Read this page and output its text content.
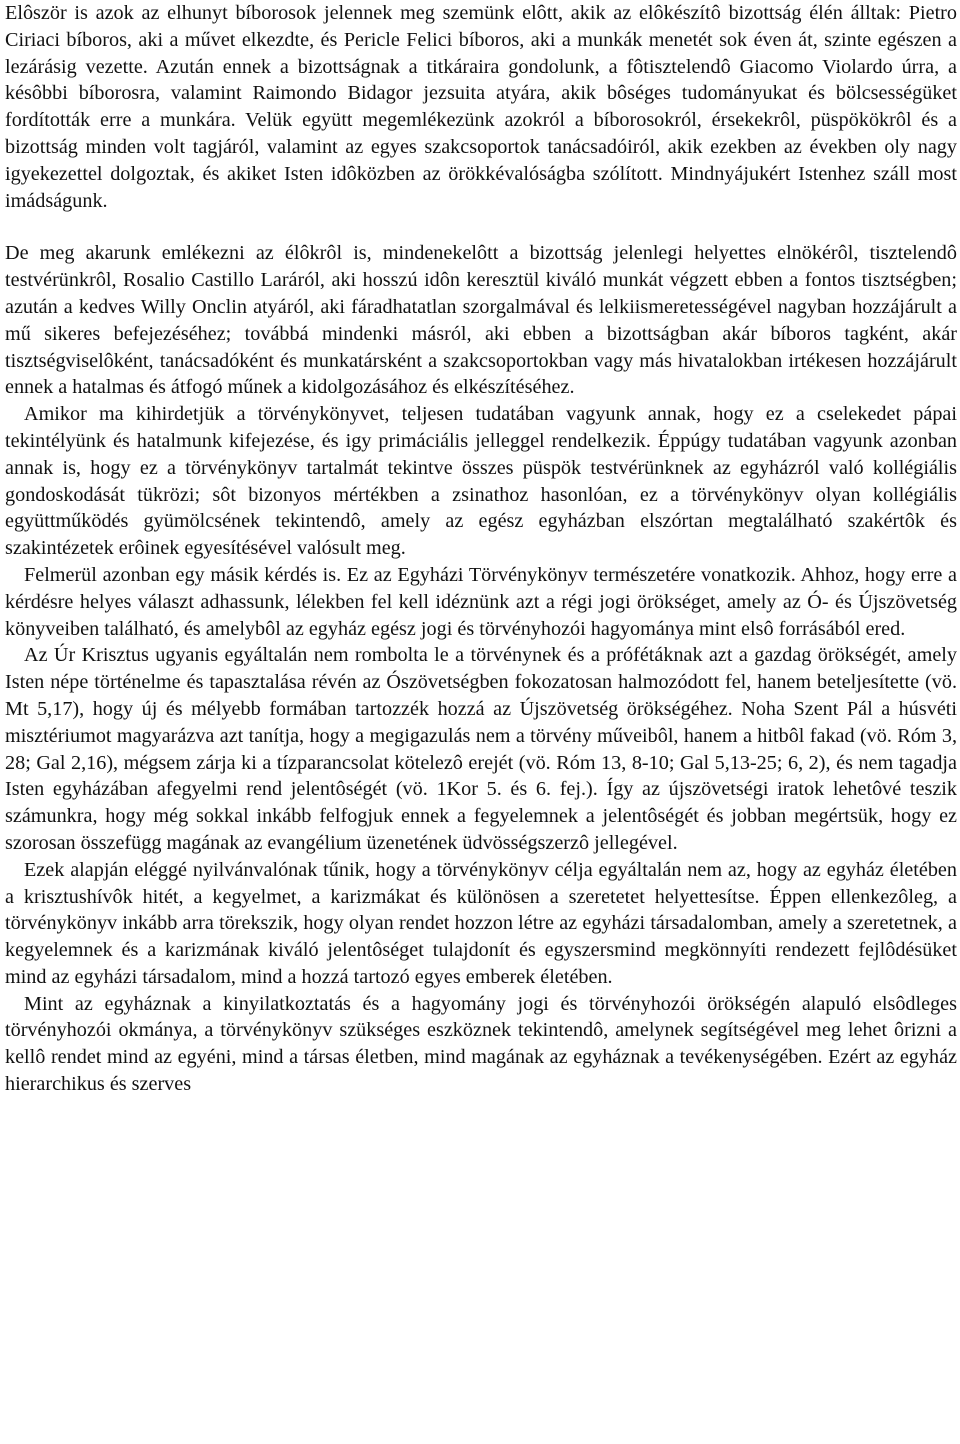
Elôször is azok az elhunyt bíborosok jelennek meg szemünk elôtt, akik az elôkészítô bizottság élén álltak: Pietro Ciriaci bíboros, aki a művet elkezdte, és Pericle Felici bíboros, aki a munkák menetét sok éven át, szinte egészen a lezárásig vezette. Azután ennek a bizottságnak a titkáraira gondolunk, a fôtisztelendô Giacomo Violardo úrra, a késôbbi bíborosra, valamint Raimondo Bidagor jezsuita atyára, akik bôséges tudományukat és bölcsességüket fordították erre a munkára. Velük együtt megemlékezünk azokról a bíborosokról, érsekekrôl, püspökökrôl és a bizottság minden volt tagjáról, valamint az egyes szakcsoportok tanácsadóiról, akik ezekben az években oly nagy igyekezettel dolgoztak, és akiket Isten idôközben az örökkévalóságba szólított. Mindnyájukért Istenhez száll most imádságunk.

De meg akarunk emlékezni az élôkrôl is, mindenekelôtt a bizottság jelenlegi helyettes elnökérôl, tisztelendô testvérünkrôl, Rosalio Castillo Laráról, aki hosszú idôn keresztül kiváló munkát végzett ebben a fontos tisztségben; azután a kedves Willy Onclin atyáról, aki fáradhatatlan szorgalmával és lelkiismeretességével nagyban hozzájárult a mű sikeres befejezéséhez; továbbá mindenki másról, aki ebben a bizottságban akár bíboros tagként, akár tisztségviselôként, tanácsadóként és munkatársként a szakcsoportokban vagy más hivatalokban irtékesen hozzájárult ennek a hatalmas és átfogó műnek a kidolgozásához és elkészítéséhez.

Amikor ma kihirdetjük a törvénykönyvet, teljesen tudatában vagyunk annak, hogy ez a cselekedet pápai tekintélyünk és hatalmunk kifejezése, és igy primáciális jelleggel rendelkezik. Éppúgy tudatában vagyunk azonban annak is, hogy ez a törvénykönyv tartalmát tekintve összes püspök testvérünknek az egyházról való kollégiális gondoskodását tükrözi; sôt bizonyos mértékben a zsinathoz hasonlóan, ez a törvénykönyv olyan kollégiális együttműködés gyümölcsének tekintendô, amely az egész egyházban elszórtan megtalálható szakértôk és szakintézetek erôinek egyesítésével valósult meg.

Felmerül azonban egy másik kérdés is. Ez az Egyházi Törvénykönyv természetére vonatkozik. Ahhoz, hogy erre a kérdésre helyes választ adhassunk, lélekben fel kell idéznünk azt a régi jogi örökséget, amely az Ó- és Újszövetség könyveiben található, és amelybôl az egyház egész jogi és törvényhozói hagyománya mint elsô forrásából ered.

Az Úr Krisztus ugyanis egyáltalán nem rombolta le a törvénynek és a prófétáknak azt a gazdag örökségét, amely Isten népe történelme és tapasztalása révén az Ószövetségben fokozatosan halmozódott fel, hanem beteljesítette (vö. Mt 5,17), hogy új és mélyebb formában tartozzék hozzá az Újszövetség örökségéhez. Noha Szent Pál a húsvéti misztériumot magyarázva azt tanítja, hogy a megigazulás nem a törvény műveibôl, hanem a hitbôl fakad (vö. Róm 3, 28; Gal 2,16), mégsem zárja ki a tízparancsolat kötelezô erejét (vö. Róm 13, 8-10; Gal 5,13-25; 6, 2), és nem tagadja Isten egyházában afegyelmi rend jelentôségét (vö. 1Kor 5. és 6. fej.). Így az újszövetségi iratok lehetôvé teszik számunkra, hogy még sokkal inkább felfogjuk ennek a fegyelemnek a jelentôségét és jobban megértsük, hogy ez szorosan összefügg magának az evangélium üzenetének üdvösségszerzô jellegével.

Ezek alapján eléggé nyilvánvalónak tűnik, hogy a törvénykönyv célja egyáltalán nem az, hogy az egyház életében a krisztushívôk hitét, a kegyelmet, a karizmákat és különösen a szeretetet helyettesítse. Éppen ellenkezôleg, a törvénykönyv inkább arra törekszik, hogy olyan rendet hozzon létre az egyházi társadalomban, amely a szeretetnek, a kegyelemnek és a karizmának kiváló jelentôséget tulajdonít és egyszersmind megkönnyíti rendezett fejlôdésüket mind az egyházi társadalom, mind a hozzá tartozó egyes emberek életében.

Mint az egyháznak a kinyilatkoztatás és a hagyomány jogi és törvényhozói örökségén alapuló elsôdleges törvényhozói okmánya, a törvénykönyv szükséges eszköznek tekintendô, amelynek segítségével meg lehet ôrizni a kellô rendet mind az egyéni, mind a társas életben, mind magának az egyháznak a tevékenységében. Ezért az egyház hierarchikus és szerves
